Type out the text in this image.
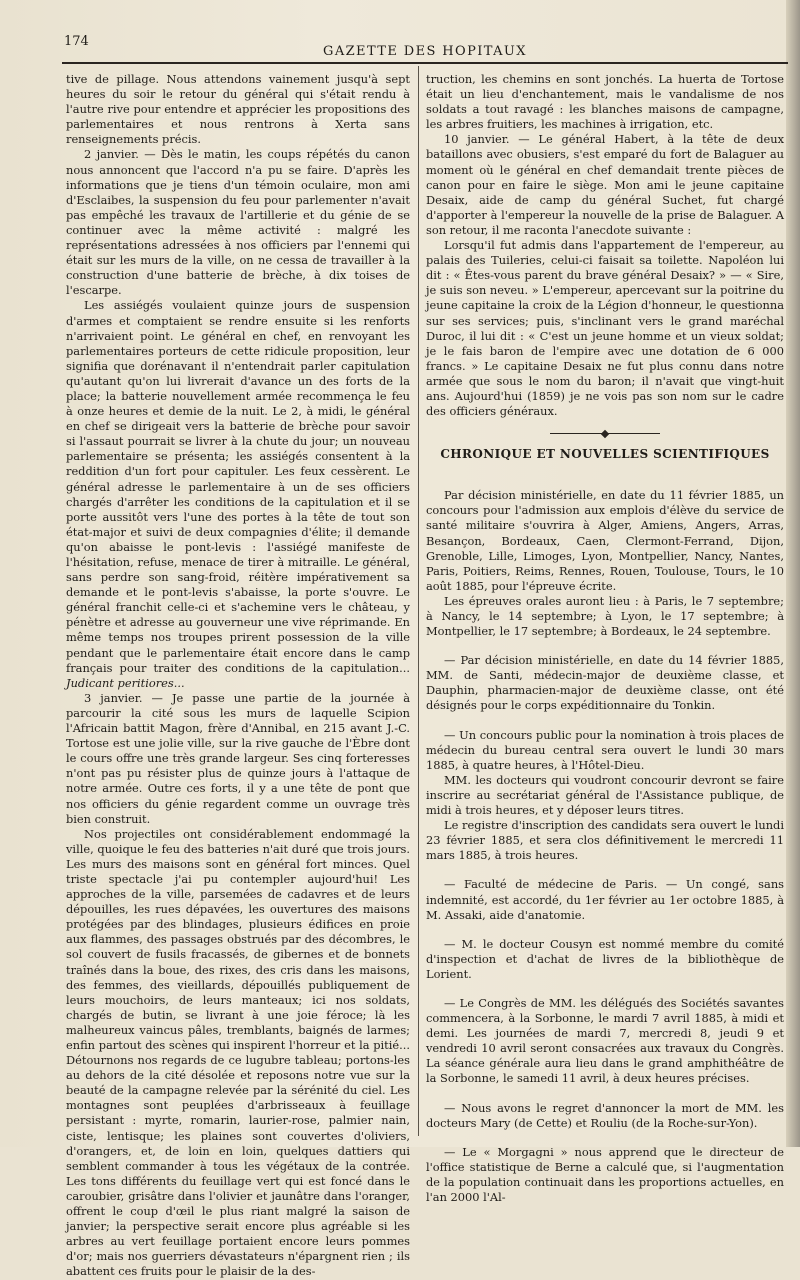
174
GAZETTE DES HOPITAUX

tive de pillage. Nous attendons vainement jusqu'à sept heures du soir le retour du général qui s'était rendu à l'autre rive pour entendre et apprécier les propositions des parlementaires et nous rentrons à Xerta sans renseignements précis.

2 janvier. — Dès le matin, les coups répétés du canon nous annoncent que l'accord n'a pu se faire. D'après les informations que je tiens d'un témoin oculaire, mon ami d'Esclaibes, la suspension du feu pour parlementer n'avait pas empêché les travaux de l'artillerie et du génie de se continuer avec la même activité : malgré les représentations adressées à nos officiers par l'ennemi qui était sur les murs de la ville, on ne cessa de travailler à la construction d'une batterie de brèche, à dix toises de l'escarpe.

Les assiégés voulaient quinze jours de suspension d'armes et comptaient se rendre ensuite si les renforts n'arrivaient point. Le général en chef, en renvoyant les parlementaires porteurs de cette ridicule proposition, leur signifia que dorénavant il n'entendrait parler capitulation qu'autant qu'on lui livrerait d'avance un des forts de la place; la batterie nouvellement armée recommença le feu à onze heures et demie de la nuit. Le 2, à midi, le général en chef se dirigeait vers la batterie de brèche pour savoir si l'assaut pourrait se livrer à la chute du jour; un nouveau parlementaire se présenta; les assiégés consentent à la reddition d'un fort pour capituler. Les feux cessèrent. Le général adresse le parlementaire à un de ses officiers chargés d'arrêter les conditions de la capitulation et il se porte aussitôt vers l'une des portes à la tête de tout son état-major et suivi de deux compagnies d'élite; il demande qu'on abaisse le pont-levis : l'assiégé manifeste de l'hésitation, refuse, menace de tirer à mitraille. Le général, sans perdre son sang-froid, réitère impérativement sa demande et le pont-levis s'abaisse, la porte s'ouvre. Le général franchit celle-ci et s'achemine vers le château, y pénètre et adresse au gouverneur une vive réprimande. En même temps nos troupes prirent possession de la ville pendant que le parlementaire était encore dans le camp français pour traiter des conditions de la capitulation... Judicant peritiores...

3 janvier. — Je passe une partie de la journée à parcourir la cité sous les murs de laquelle Scipion l'Africain battit Magon, frère d'Annibal, en 215 avant J.-C. Tortose est une jolie ville, sur la rive gauche de l'Èbre dont le cours offre une très grande largeur. Ses cinq forteresses n'ont pas pu résister plus de quinze jours à l'attaque de notre armée. Outre ces forts, il y a une tête de pont que nos officiers du génie regardent comme un ouvrage très bien construit.

Nos projectiles ont considérablement endommagé la ville, quoique le feu des batteries n'ait duré que trois jours. Les murs des maisons sont en général fort minces. Quel triste spectacle j'ai pu contempler aujourd'hui! Les approches de la ville, parsemées de cadavres et de leurs dépouilles, les rues dépavées, les ouvertures des maisons protégées par des blindages, plusieurs édifices en proie aux flammes, des passages obstrués par des décombres, le sol couvert de fusils fracassés, de gibernes et de bonnets traînés dans la boue, des rixes, des cris dans les maisons, des femmes, des vieillards, dépouillés publiquement de leurs mouchoirs, de leurs manteaux; ici nos soldats, chargés de butin, se livrant à une joie féroce; là les malheureux vaincus pâles, tremblants, baignés de larmes; enfin partout des scènes qui inspirent l'horreur et la pitié... Détournons nos regards de ce lugubre tableau; portons-les au dehors de la cité désolée et reposons notre vue sur la beauté de la campagne relevée par la sérénité du ciel. Les montagnes sont peuplées d'arbrisseaux à feuillage persistant : myrte, romarin, laurier-rose, palmier nain, ciste, lentisque; les plaines sont couvertes d'oliviers, d'orangers, et, de loin en loin, quelques dattiers qui semblent commander à tous les végétaux de la contrée. Les tons différents du feuillage vert qui est foncé dans le caroubier, grisâtre dans l'olivier et jaunâtre dans l'oranger, offrent le coup d'œil le plus riant malgré la saison de janvier; la perspective serait encore plus agréable si les arbres au vert feuillage portaient encore leurs pommes d'or; mais nos guerriers dévastateurs n'épargnent rien ; ils abattent ces fruits pour le plaisir de la des-

truction, les chemins en sont jonchés. La huerta de Tortose était un lieu d'enchantement, mais le vandalisme de nos soldats a tout ravagé : les blanches maisons de campagne, les arbres fruitiers, les machines à irrigation, etc.

10 janvier. — Le général Habert, à la tête de deux bataillons avec obusiers, s'est emparé du fort de Balaguer au moment où le général en chef demandait trente pièces de canon pour en faire le siège. Mon ami le jeune capitaine Desaix, aide de camp du général Suchet, fut chargé d'apporter à l'empereur la nouvelle de la prise de Balaguer. A son retour, il me raconta l'anecdote suivante :

Lorsqu'il fut admis dans l'appartement de l'empereur, au palais des Tuileries, celui-ci faisait sa toilette. Napoléon lui dit : « Êtes-vous parent du brave général Desaix? » — « Sire, je suis son neveu. » L'empereur, apercevant sur la poitrine du jeune capitaine la croix de la Légion d'honneur, le questionna sur ses services; puis, s'inclinant vers le grand maréchal Duroc, il lui dit : « C'est un jeune homme et un vieux soldat; je le fais baron de l'empire avec une dotation de 6 000 francs. » Le capitaine Desaix ne fut plus connu dans notre armée que sous le nom du baron; il n'avait que vingt-huit ans. Aujourd'hui (1859) je ne vois pas son nom sur le cadre des officiers généraux.

CHRONIQUE ET NOUVELLES SCIENTIFIQUES

Par décision ministérielle, en date du 11 février 1885, un concours pour l'admission aux emplois d'élève du service de santé militaire s'ouvrira à Alger, Amiens, Angers, Arras, Besançon, Bordeaux, Caen, Clermont-Ferrand, Dijon, Grenoble, Lille, Limoges, Lyon, Montpellier, Nancy, Nantes, Paris, Poitiers, Reims, Rennes, Rouen, Toulouse, Tours, le 10 août 1885, pour l'épreuve écrite.

Les épreuves orales auront lieu : à Paris, le 7 septembre; à Nancy, le 14 septembre; à Lyon, le 17 septembre; à Montpellier, le 17 septembre; à Bordeaux, le 24 septembre.

— Par décision ministérielle, en date du 14 février 1885, MM. de Santi, médecin-major de deuxième classe, et Dauphin, pharmacien-major de deuxième classe, ont été désignés pour le corps expéditionnaire du Tonkin.

— Un concours public pour la nomination à trois places de médecin du bureau central sera ouvert le lundi 30 mars 1885, à quatre heures, à l'Hôtel-Dieu.

MM. les docteurs qui voudront concourir devront se faire inscrire au secrétariat général de l'Assistance publique, de midi à trois heures, et y déposer leurs titres.

Le registre d'inscription des candidats sera ouvert le lundi 23 février 1885, et sera clos définitivement le mercredi 11 mars 1885, à trois heures.

— Faculté de médecine de Paris. — Un congé, sans indemnité, est accordé, du 1er février au 1er octobre 1885, à M. Assaki, aide d'anatomie.

— M. le docteur Cousyn est nommé membre du comité d'inspection et d'achat de livres de la bibliothèque de Lorient.

— Le Congrès de MM. les délégués des Sociétés savantes commencera, à la Sorbonne, le mardi 7 avril 1885, à midi et demi. Les journées de mardi 7, mercredi 8, jeudi 9 et vendredi 10 avril seront consacrées aux travaux du Congrès. La séance générale aura lieu dans le grand amphithéâtre de la Sorbonne, le samedi 11 avril, à deux heures précises.

— Nous avons le regret d'annoncer la mort de MM. les docteurs Mary (de Cette) et Rouliu (de la Roche-sur-Yon).

— Le « Morgagni » nous apprend que le directeur de l'office statistique de Berne a calculé que, si l'augmentation de la population continuait dans les proportions actuelles, en l'an 2000 l'Al-
